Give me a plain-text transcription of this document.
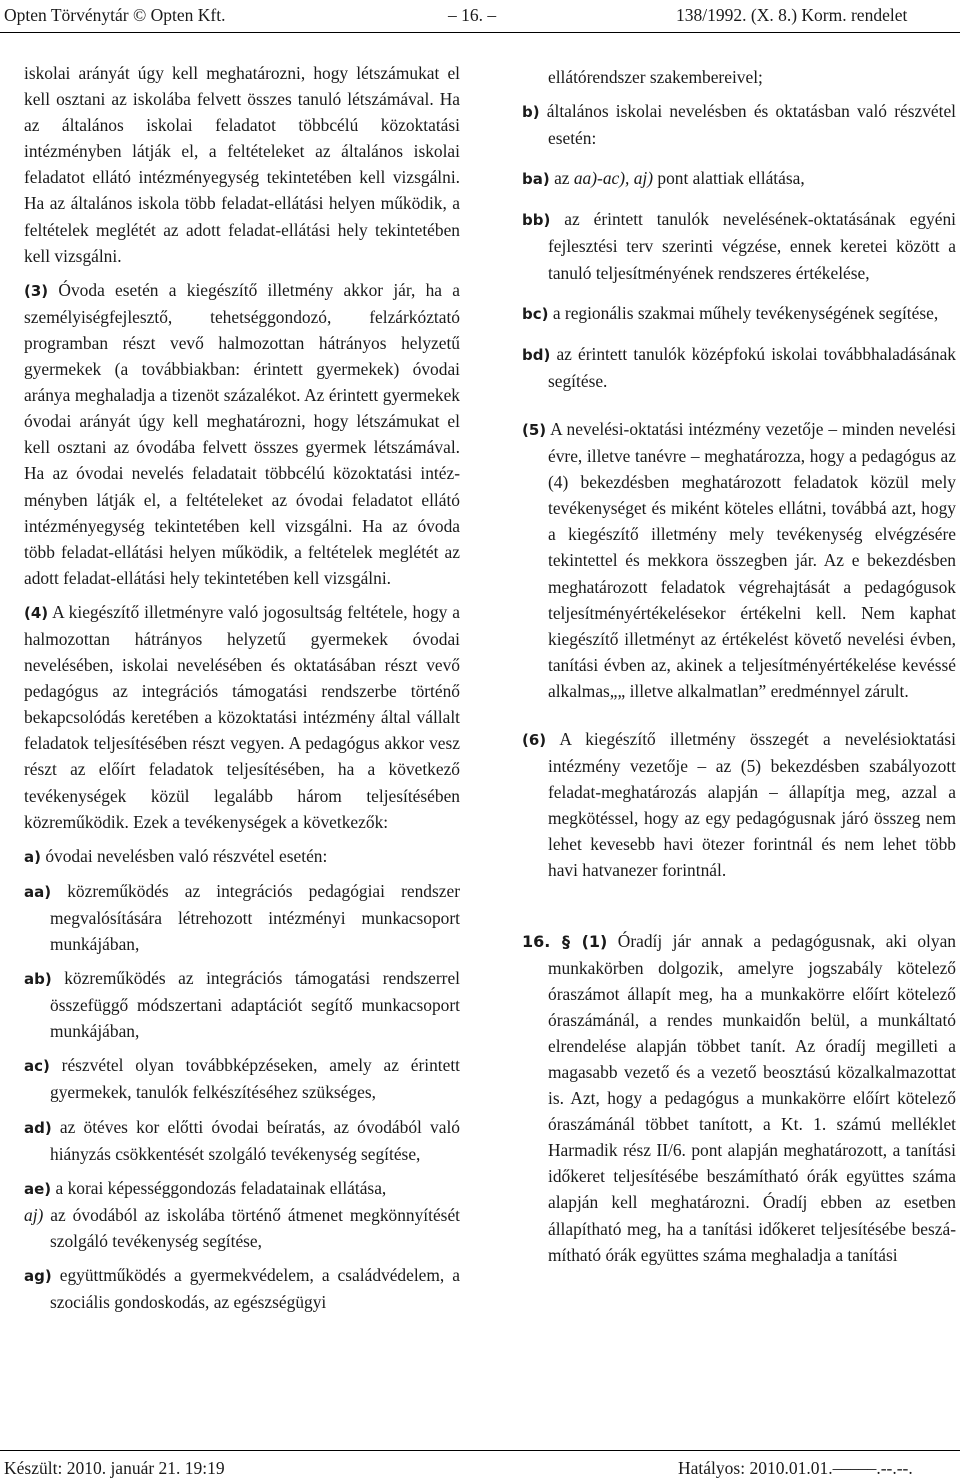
Opten Törvénytár © Opten Kft.	– 16. –	138/1992. (X. 8.) Korm. rendelet

iskolai arányát úgy kell meghatározni, hogy létszámukat el kell osztani az iskolába felvett összes tanuló létszámával. Ha az általános iskolai feladatot többcélú közoktatási intézményben látják el, a feltételeket az általános iskolai feladatot ellátó intézményegység tekintetében kell vizsgálni. Ha az általános iskola több feladat-ellátási helyen működik, a feltételek meglétét az adott feladat-ellátási hely tekintetében kell vizsgálni.

(3) Óvoda esetén a kiegészítő illetmény akkor jár, ha a személyiségfejlesztő, tehetséggondozó, felzárkóztató programban részt vevő halmozottan hátrányos helyzetű gyermekek (a továbbiakban: érintett gyermekek) óvodai aránya meghaladja a tizenöt százalékot. Az érintett gyermekek óvodai arányát úgy kell meghatározni, hogy létszámukat el kell osztani az óvodába felvett összes gyermek létszámával. Ha az óvodai nevelés feladatait többcélú közoktatási intézményben látják el, a feltételeket az óvodai feladatot ellátó intézményegység tekintetében kell vizsgálni. Ha az óvoda több feladat-ellátási helyen működik, a feltételek meglétét az adott feladat-ellátási hely tekintetében kell vizsgálni.

(4) A kiegészítő illetményre való jogosultság feltétele, hogy a halmozottan hátrányos helyzetű gyermekek óvodai nevelésében, iskolai nevelésében és oktatásában részt vevő pedagógus az integrációs támogatási rendszerbe történő bekapcsolódás keretében a közoktatási intézmény által vállalt feladatok teljesítésében részt vegyen. A pedagógus akkor vesz részt az előírt feladatok teljesítésében, ha a következő tevékenységek közül legalább három teljesítésében közreműködik. Ezek a tevékenységek a következők:

a) óvodai nevelésben való részvétel esetén:

aa) közreműködés az integrációs pedagógiai rendszer megvalósítására létrehozott intézményi munkacsoport munkájában,

ab) közreműködés az integrációs támogatási rendszerrel összefüggő módszertani adaptációt segítő munkacsoport munkájában,

ac) részvétel olyan továbbképzéseken, amely az érintett gyermekek, tanulók felkészítéséhez szükséges,

ad) az ötéves kor előtti óvodai beíratás, az óvodából való hiányzás csökkentését szolgáló tevékenység segítése,

ae) a korai képességgondozás feladatainak ellátása,

aj) az óvodából az iskolába történő átmenet megkönnyítését szolgáló tevékenység segítése,

ag) együttműködés a gyermekvédelem, a családvédelem, a szociális gondoskodás, az egészségügyi

ellátórendszer szakembereivel;

b) általános iskolai nevelésben és oktatásban való részvétel esetén:

ba) az aa)-ac), aj) pont alattiak ellátása,

bb) az érintett tanulók nevelésének-oktatásának egyéni fejlesztési terv szerinti végzése, ennek keretei között a tanuló teljesítményének rendszeres értékelése,

bc) a regionális szakmai műhely tevékenységének segítése,

bd) az érintett tanulók középfokú iskolai továbbhaladásának segítése.

(5) A nevelési-oktatási intézmény vezetője – minden nevelési évre, illetve tanévre – meghatározza, hogy a pedagógus az (4) bekezdésben meghatározott feladatok közül mely tevékenységet és miként köteles ellátni, továbbá azt, hogy a kiegészítő illetmény mely tevékenység elvégzésére tekintettel és mekkora összegben jár. Az e bekezdésben meghatározott feladatok végrehajtását a pedagógusok teljesítményértékelésekor értékelni kell. Nem kaphat kiegészítő illetményt az értékelést követő nevelési évben, tanítási évben az, akinek a teljesítményértékelése kevéssé alkalmas„„ illetve alkalmatlan” eredménnyel zárult.

(6) A kiegészítő illetmény összegét a nevelésioktatási intézmény vezetője – az (5) bekezdésben szabályozott feladat-meghatározás alapján – állapítja meg, azzal a megkötéssel, hogy az egy pedagógusnak járó összeg nem lehet kevesebb havi ötezer forintnál és nem lehet több havi hatvanezer forintnál.

16. § (1) Óradíj jár annak a pedagógusnak, aki olyan munkakörben dolgozik, amelyre jogszabály kötelező óraszámot állapít meg, ha a munkakörre előírt kötelező óraszámánál, a rendes munkaidőn belül, a munkáltató elrendelése alapján többet tanít. Az óradíj megilleti a magasabb vezető és a vezető beosztású közalkalmazottat is. Azt, hogy a pedagógus a munkakörre előírt kötelező óraszámánál többet tanított, a Kt. 1. számú melléklet Harmadik rész II/6. pont alapján meghatározott, a tanítási időkeret teljesítésébe beszámítható órák együttes száma alapján kell meghatározni. Óradíj ebben az esetben állapítható meg, ha a tanítási időkeret teljesítésébe beszámítható órák együttes száma meghaladja a tanítási

Készült: 2010. január 21. 19:19	Hatályos: 2010.01.01.–––––.--.--.
